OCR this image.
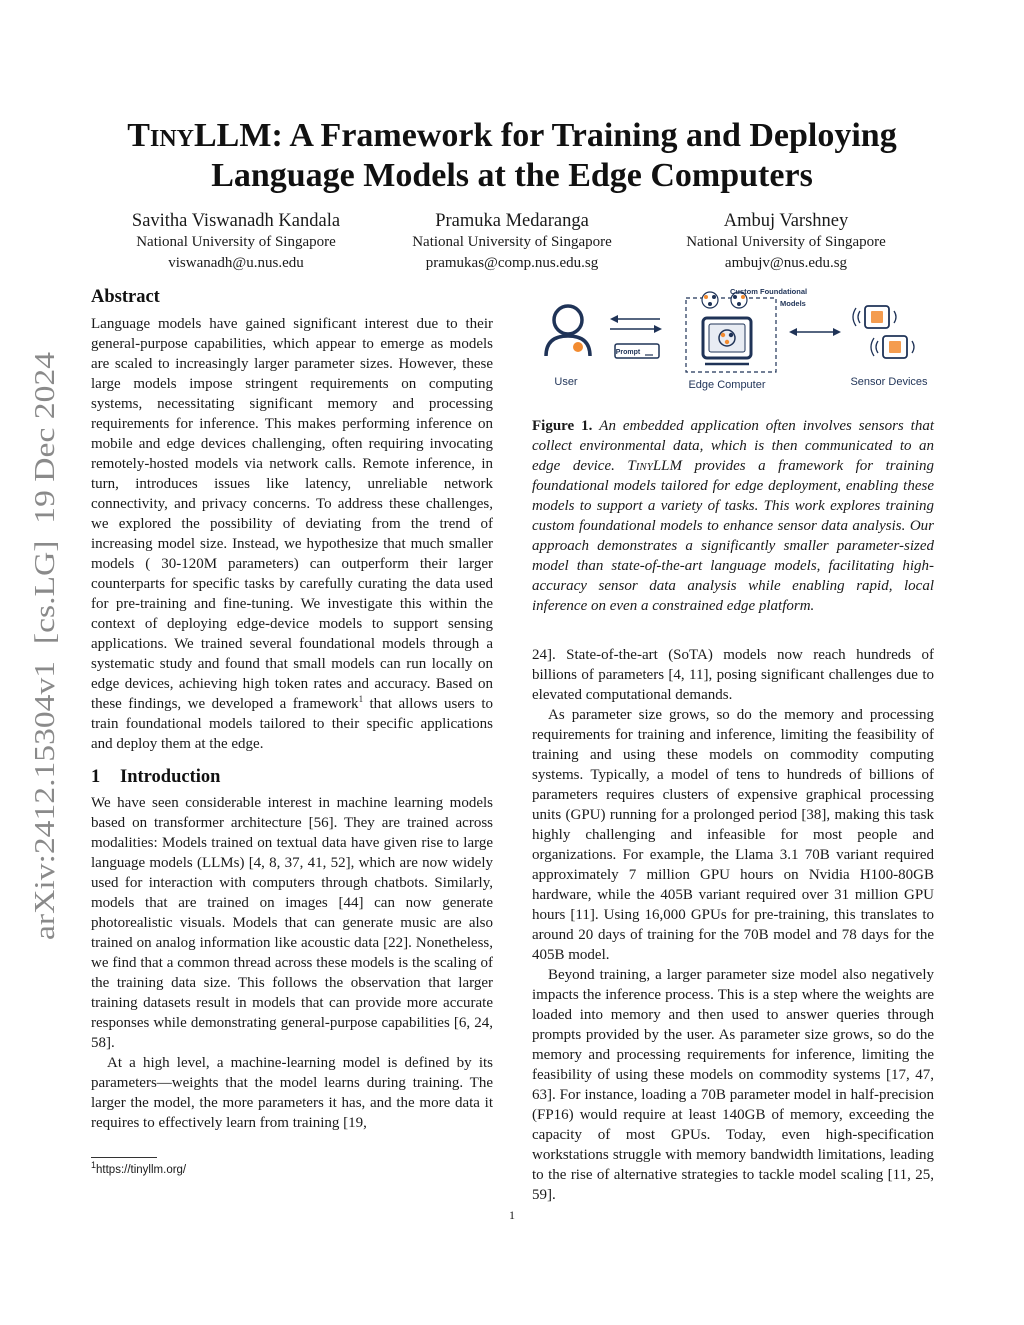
arXiv:2412.15304v1  [cs.LG]  19 Dec 2024
TinyLLM: A Framework for Training and Deploying
Language Models at the Edge Computers
Savitha Viswanadh Kandala
National University of Singapore
viswanadh@u.nus.edu
Pramuka Medaranga
National University of Singapore
pramukas@comp.nus.edu.sg
Ambuj Varshney
National University of Singapore
ambujv@nus.edu.sg
Abstract

Language models have gained significant interest due to their general-purpose capabilities, which appear to emerge as models are scaled to increasingly larger parameter sizes. However, these large models impose stringent requirements on computing systems, necessitating significant memory and processing requirements for inference. This makes performing inference on mobile and edge devices challenging, often requiring invocating remotely-hosted models via network calls. Remote inference, in turn, introduces issues like latency, unreliable network connectivity, and privacy concerns. To address these challenges, we explored the possibility of deviating from the trend of increasing model size. Instead, we hypothesize that much smaller models ( 30-120M parameters) can outperform their larger counterparts for specific tasks by carefully curating the data used for pre-training and fine-tuning. We investigate this within the context of deploying edge-device models to support sensing applications. We trained several foundational models through a systematic study and found that small models can run locally on edge devices, achieving high token rates and accuracy. Based on these findings, we developed a framework$^1$ that allows users to train foundational models tailored to their specific applications and deploy them at the edge.

1 Introduction

We have seen considerable interest in machine learning models based on transformer architecture [56]. They are trained across modalities: Models trained on textual data have given rise to large language models (LLMs) [4, 8, 37, 41, 52], which are now widely used for interaction with computers through chatbots. Similarly, models that are trained on images [44] can now generate photorealistic visuals. Models that can generate music are also trained on analog information like acoustic data [22]. Nonetheless, we find that a common thread across these models is the scaling of the training data size. This follows the observation that larger training datasets result in models that can provide more accurate responses while demonstrating general-purpose capabilities [6, 24, 58].

At a high level, a machine-learning model is defined by its parameters—weights that the model learns during training. The larger the model, the more parameters it has, and the more data it requires to effectively learn from training [19,

$^1$https://tinyllm.org/
User
Prompt
Custom Foundational
Models
Edge Computer	Sensor Devices
Figure 1. An embedded application often involves sensors that collect environmental data, which is then communicated to an edge device. TinyLLM provides a framework for training foundational models tailored for edge deployment, enabling these models to support a variety of tasks. This work explores training custom foundational models to enhance sensor data analysis. Our approach demonstrates a significantly smaller parameter-sized model than state-of-the-art language models, facilitating high-accuracy sensor data analysis while enabling rapid, local inference on even a constrained edge platform.

24]. State-of-the-art (SoTA) models now reach hundreds of billions of parameters [4, 11], posing significant challenges due to elevated computational demands.

As parameter size grows, so do the memory and processing requirements for training and inference, limiting the feasibility of training and using these models on commodity computing systems. Typically, a model of tens to hundreds of billions of parameters requires clusters of expensive graphical processing units (GPU) running for a prolonged period [38], making this task highly challenging and infeasible for most people and organizations. For example, the Llama 3.1 70B variant required approximately 7 million GPU hours on Nvidia H100-80GB hardware, while the 405B variant required over 31 million GPU hours [11]. Using 16,000 GPUs for pre-training, this translates to around 20 days of training for the 70B model and 78 days for the 405B model.

Beyond training, a larger parameter size model also negatively impacts the inference process. This is a step where the weights are loaded into memory and then used to answer queries through prompts provided by the user. As parameter size grows, so do the memory and processing requirements for inference, limiting the feasibility of using these models on commodity systems [17, 47, 63]. For instance, loading a 70B parameter model in half-precision (FP16) would require at least 140GB of memory, exceeding the capacity of most GPUs. Today, even high-specification workstations struggle with memory bandwidth limitations, leading to the rise of alternative strategies to tackle model scaling [11, 25, 59].

1
